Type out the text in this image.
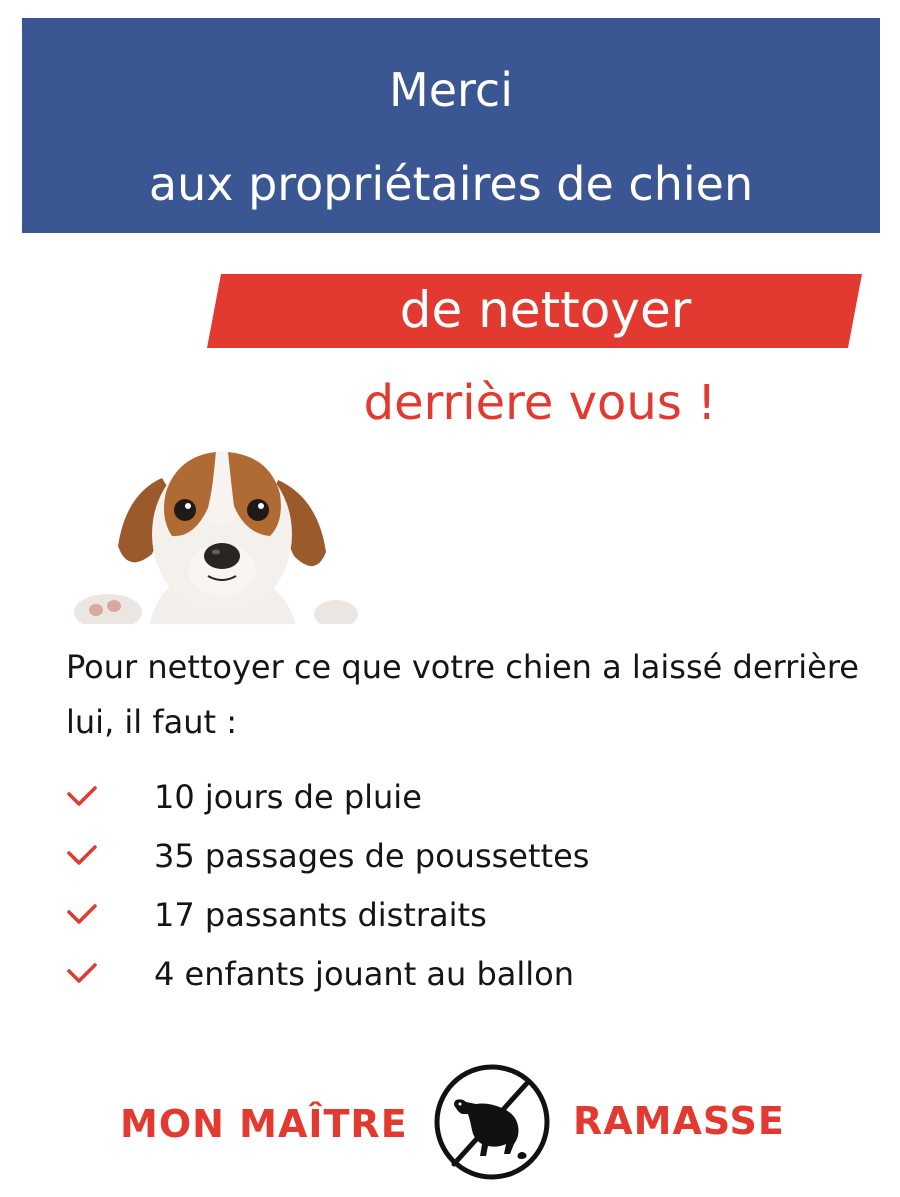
Merci
aux propriétaires de chien
de nettoyer
derrière vous !
Pour nettoyer ce que votre chien a laissé derrière lui, il faut :
10 jours de pluie
35 passages de poussettes
17 passants distraits
4 enfants jouant au ballon
MON MAÎTRE	RAMASSE
